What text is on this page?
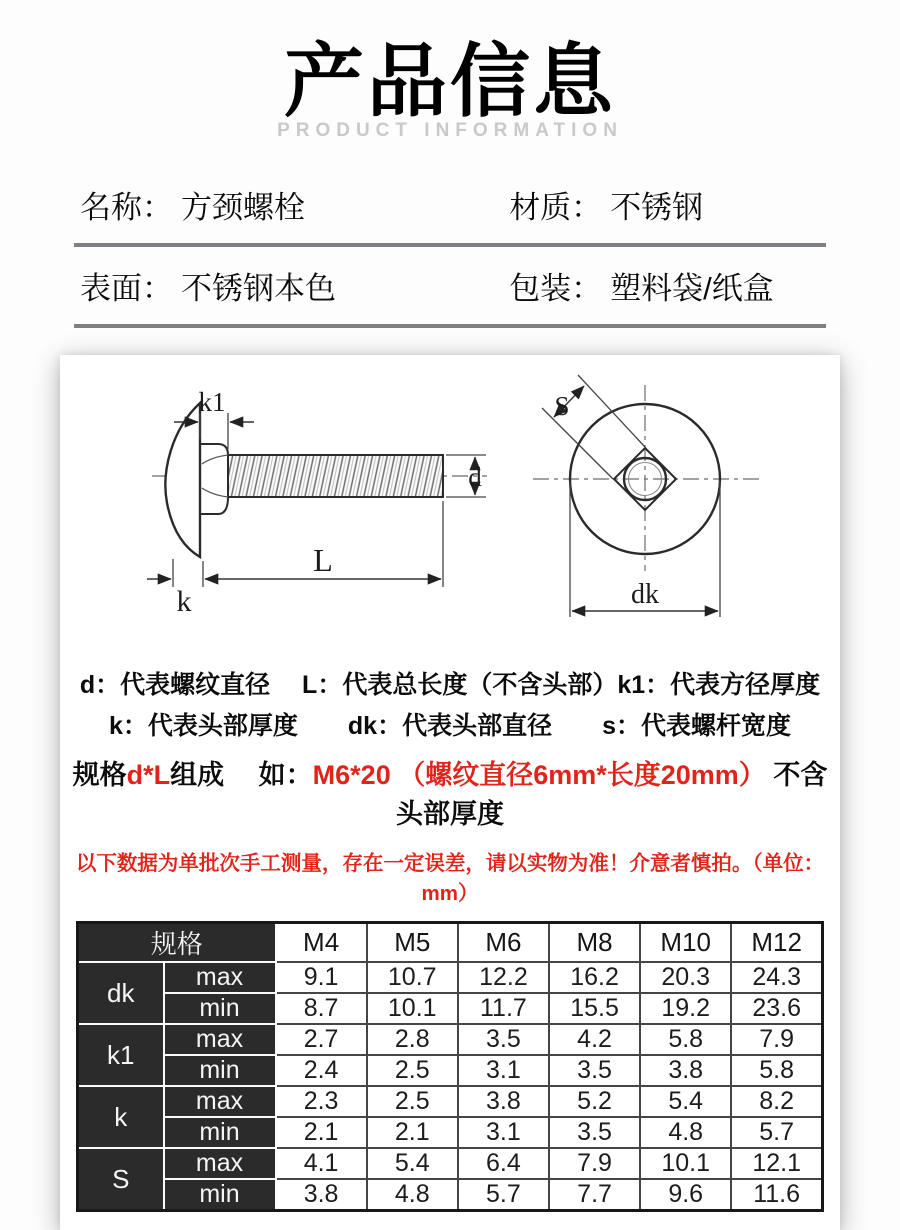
产品信息
PRODUCT INFORMATION
名称： 方颈螺栓	材质： 不锈钢
表面： 不锈钢本色	包装： 塑料袋/纸盒
k1
d
L
k
S
dk
d：代表螺纹直径　 L：代表总长度（不含头部）k1：代表方径厚度
k：代表头部厚度　　dk：代表头部直径　　s：代表螺杆宽度
规格d*L组成　 如：M6*20 （螺纹直径6mm*长度20mm） 不含头部厚度
以下数据为单批次手工测量，存在一定误差，请以实物为准！介意者慎拍。（单位：mm）
规格		M4	M5	M6	M8	M10	M12
dk	max	9.1	10.7	12.2	16.2	20.3	24.3
	min	8.7	10.1	11.7	15.5	19.2	23.6
k1	max	2.7	2.8	3.5	4.2	5.8	7.9
	min	2.4	2.5	3.1	3.5	3.8	5.8
k	max	2.3	2.5	3.8	5.2	5.4	8.2
	min	2.1	2.1	3.1	3.5	4.8	5.7
S	max	4.1	5.4	6.4	7.9	10.1	12.1
	min	3.8	4.8	5.7	7.7	9.6	11.6
